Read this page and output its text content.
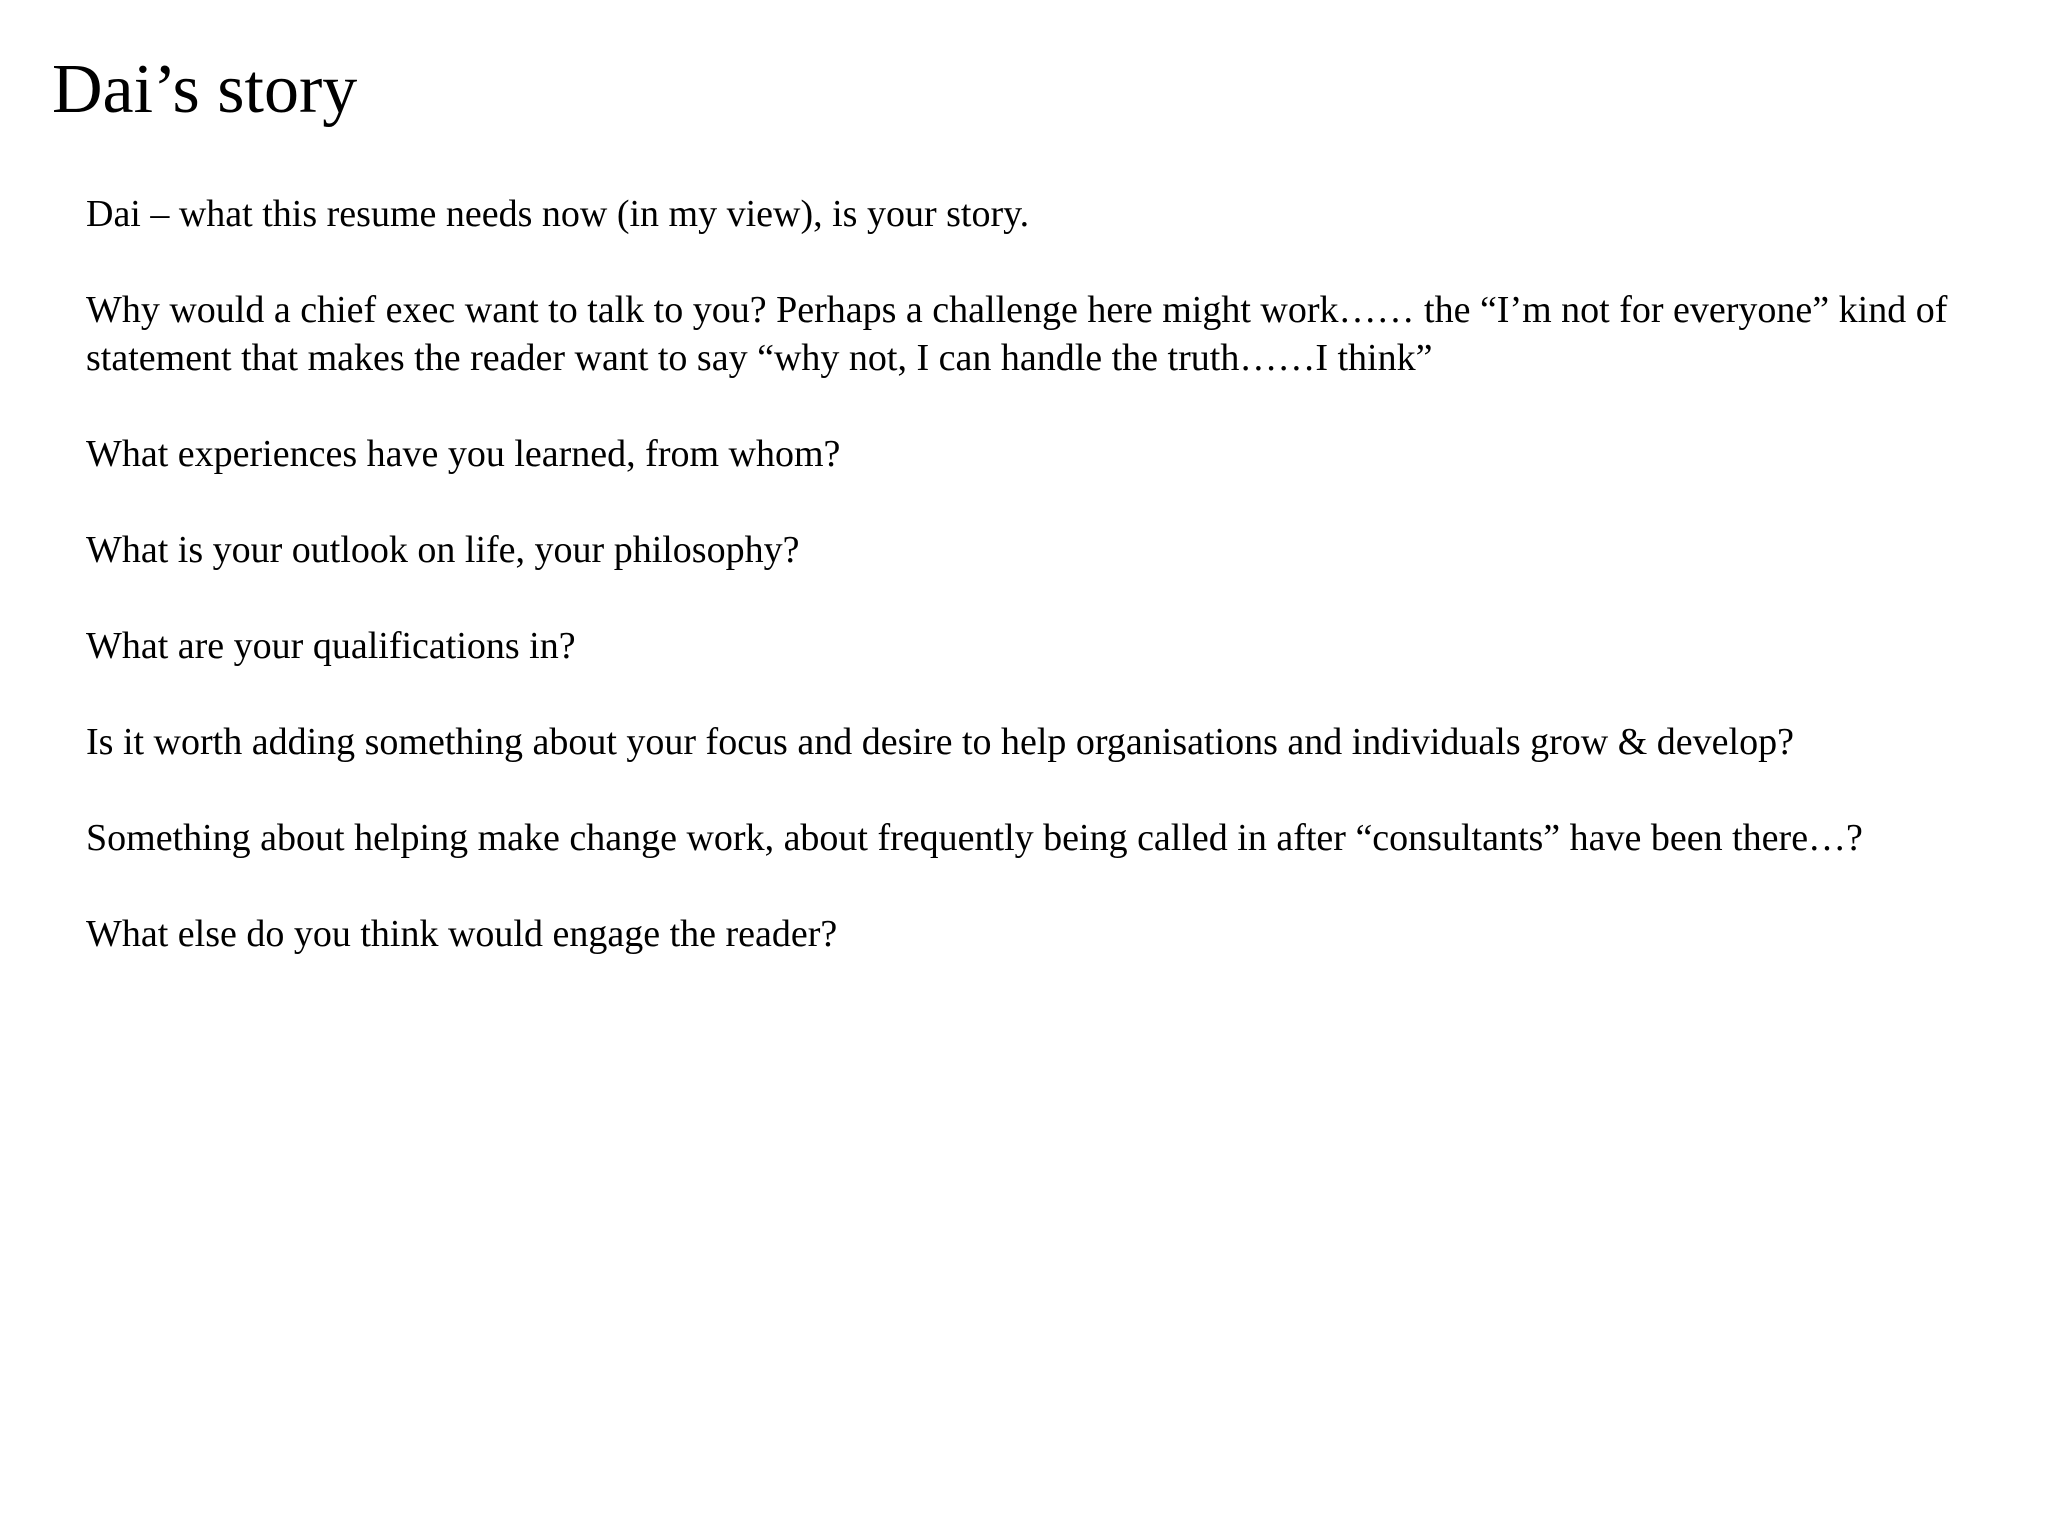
Dai’s story

Dai – what this resume needs now (in my view), is your story.

Why would a chief exec want to talk to you? Perhaps a challenge here might work…… the “I’m not for everyone” kind of statement that makes the reader want to say “why not, I can handle the truth……I think”

What experiences have you learned, from whom?

What is your outlook on life, your philosophy?

What are your qualifications in?

Is it worth adding something about your focus and desire to help organisations and individuals grow & develop?

Something about helping make change work, about frequently being called in after “consultants” have been there…?

What else do you think would engage the reader?
